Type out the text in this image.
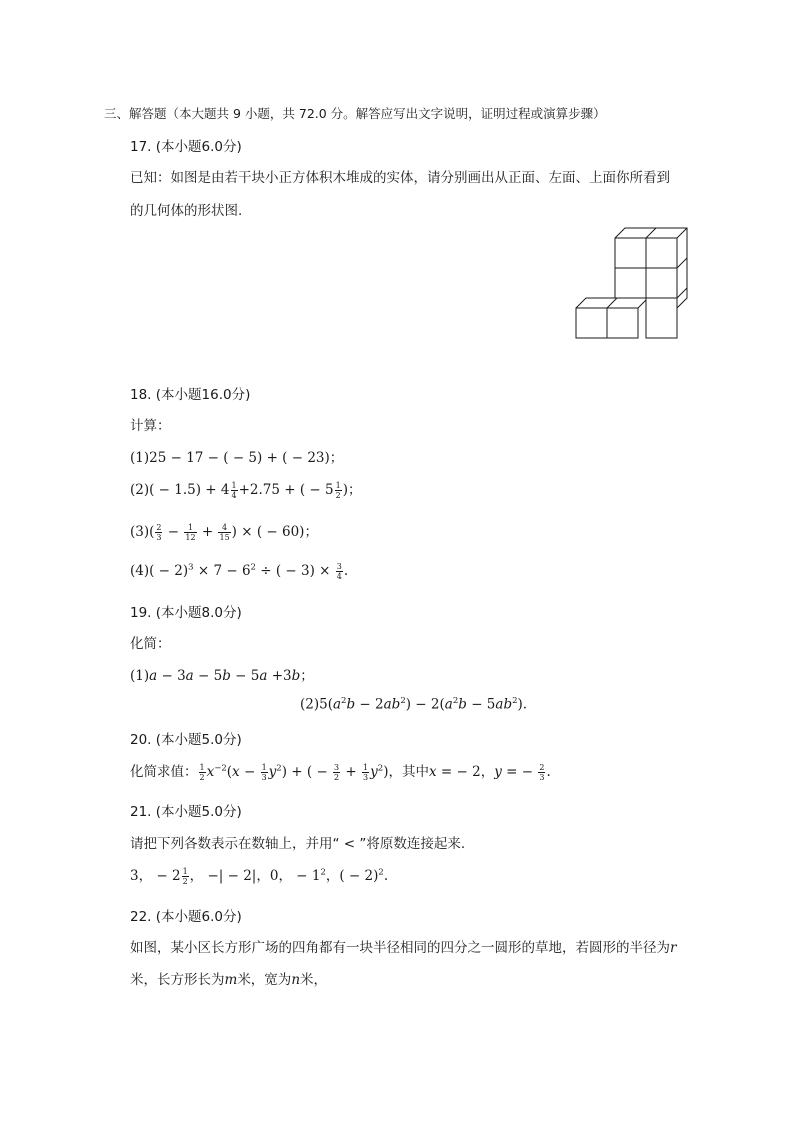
三、解答题（本大题共 9 小题，共 72.0 分。解答应写出文字说明，证明过程或演算步骤）
17. (本小题6.0分)
已知：如图是由若干块小正方体积木堆成的实体，请分别画出从正面、左面、上面你所看到
的几何体的形状图.
18. (本小题16.0分)
计算：
(1)25 − 17 − ( − 5) + ( − 23)；
$(2)( - 1.5) + 4 \frac{1}{4} +2.75$ + ( − $5 \frac{1}{2}$ )；
$(3)( \frac{2}{3} - \frac{1}{12} + \frac{4}{15}$ ) × ( − 60)；
$(4)( - 2)^3 \times 7 - 6^2$ ÷ ( − $3) \times \frac{3}{4}$ .
19. (本小题8.0分)
化简：
(1)a − 3a − 5b − 5a +3b；
$(2)5(a^2b - 2ab^2) - 2(a^2b - 5ab^2)$.
20. (本小题5.0分)
化简求值： $\frac{1}{2} x^{-2}(x - \frac{1}{3} y^2)$ + ( − $\frac{3}{2} + \frac{1}{3} y^2$)，其中x = − 2，y = − $\frac{2}{3}$ .
21. (本小题5.0分)
请把下列各数表示在数轴上，并用“ < ”将原数连接起来.
3， − $2 \frac{1}{2}$ ， −| − 2|，0， − $1^2$，( − 2)$^2$.
22. (本小题6.0分)
如图，某小区长方形广场的四角都有一块半径相同的四分之一圆形的草地，若圆形的半径为r
米，长方形长为m米，宽为n米，
